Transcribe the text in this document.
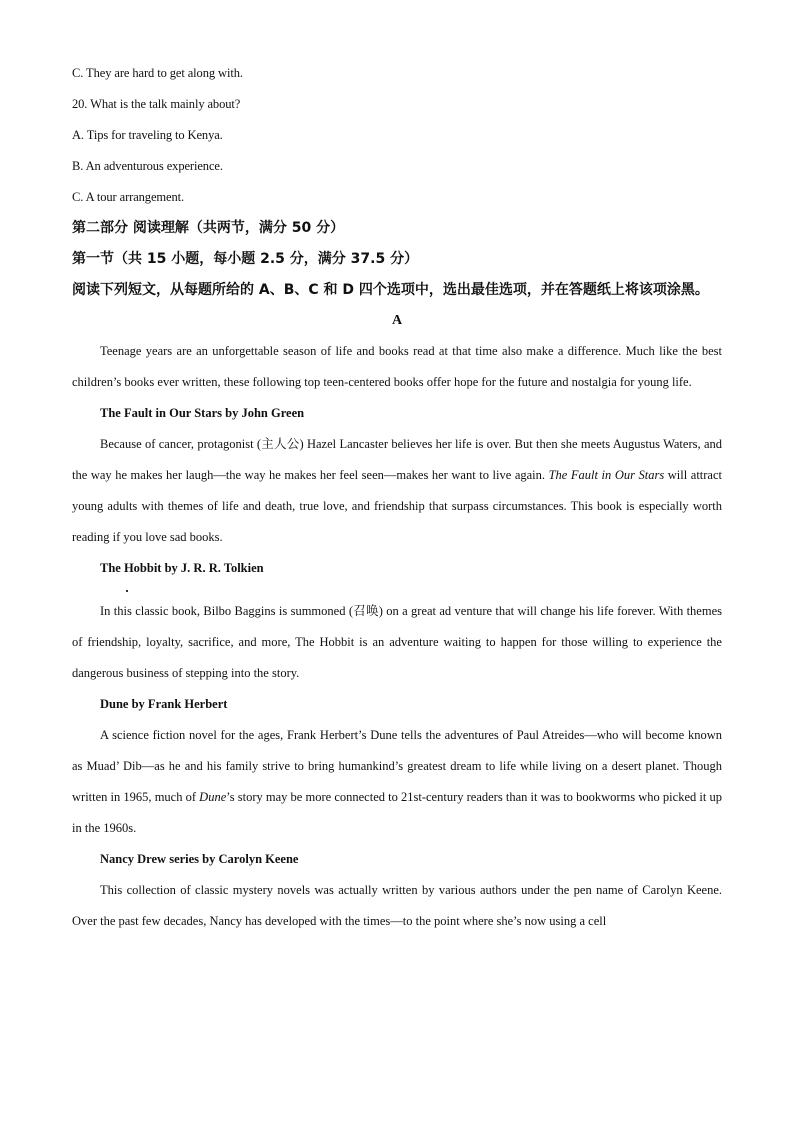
C. They are hard to get along with.
20. What is the talk mainly about?
A. Tips for traveling to Kenya.
B. An adventurous experience.
C. A tour arrangement.
第二部分 阅读理解（共两节，满分 50 分）
第一节（共 15 小题，每小题 2.5 分，满分 37.5 分）
阅读下列短文，从每题所给的 A、B、C 和 D 四个选项中，选出最佳选项，并在答题纸上将该项涂黑。
A

Teenage years are an unforgettable season of life and books read at that time also make a difference. Much like the best children’s books ever written, these following top teen-centered books offer hope for the future and nostalgia for young life.

The Fault in Our Stars by John Green

Because of cancer, protagonist (主人公) Hazel Lancaster believes her life is over. But then she meets Augustus Waters, and the way he makes her laugh—the way he makes her feel seen—makes her want to live again. The Fault in Our Stars will attract young adults with themes of life and death, true love, and friendship that surpass circumstances. This book is especially worth reading if you love sad books.

The Hobbit by J. R. R. Tolkien

In this classic book, Bilbo Baggins is summoned (召唤) on a great ad venture that will change his life forever. With themes of friendship, loyalty, sacrifice, and more, The Hobbit is an adventure waiting to happen for those willing to experience the dangerous business of stepping into the story.

Dune by Frank Herbert

A science fiction novel for the ages, Frank Herbert’s Dune tells the adventures of Paul Atreides—who will become known as Muad’ Dib—as he and his family strive to bring humankind’s greatest dream to life while living on a desert planet. Though written in 1965, much of Dune’s story may be more connected to 21st-century readers than it was to bookworms who picked it up in the 1960s.

Nancy Drew series by Carolyn Keene

This collection of classic mystery novels was actually written by various authors under the pen name of Carolyn Keene. Over the past few decades, Nancy has developed with the times—to the point where she’s now using a cell
